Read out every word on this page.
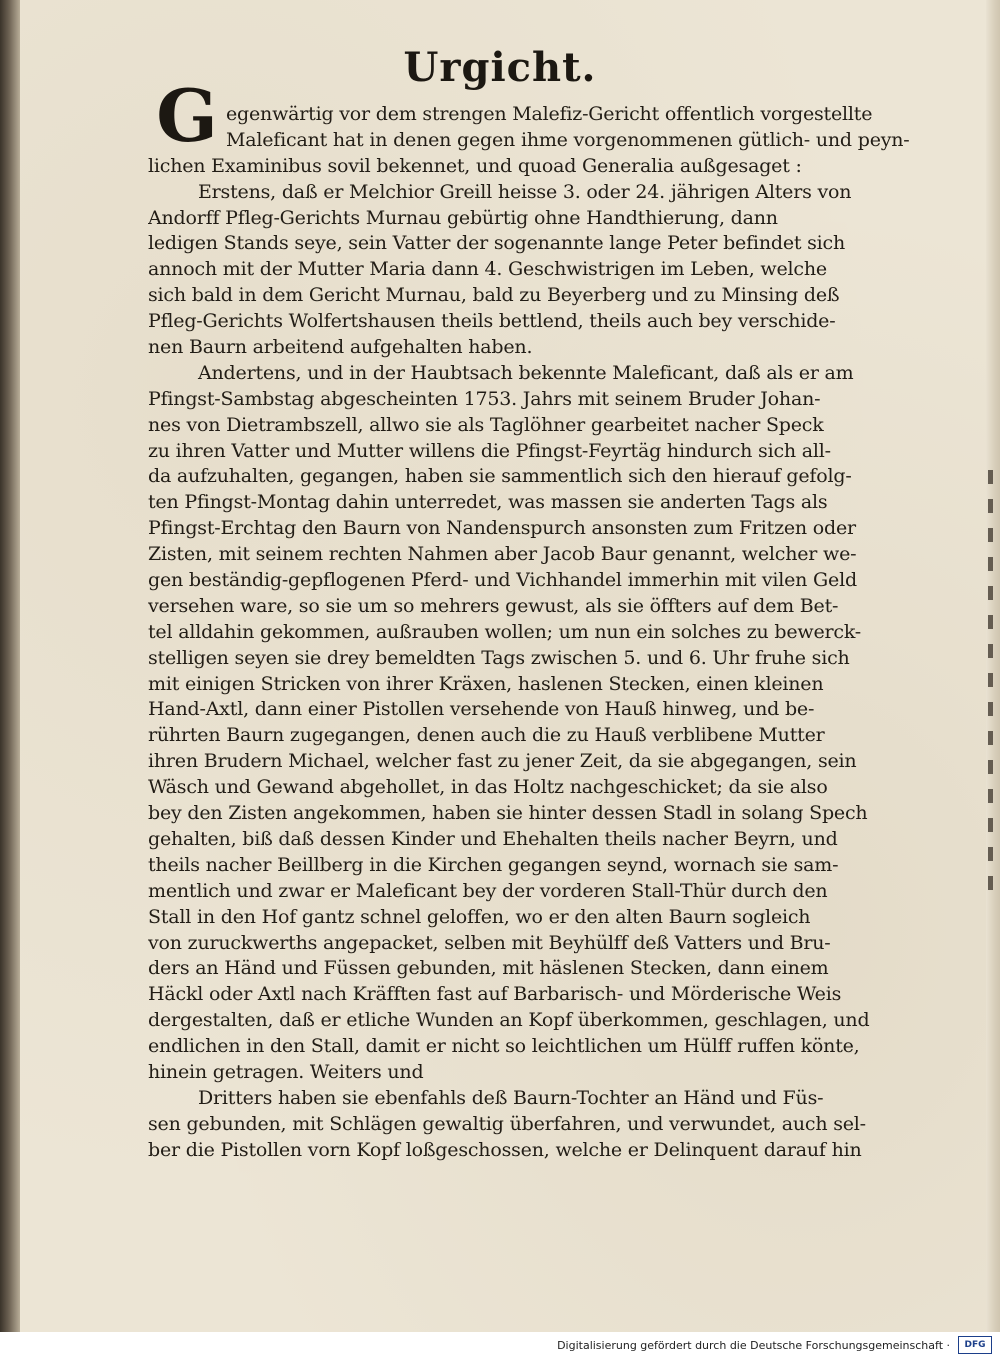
Urgicht.
G egenwärtig vor dem strengen Malefiz-Gericht offentlich vorgestellte
Maleficant hat in denen gegen ihme vorgenommenen gütlich- und peyn-
lichen Examinibus sovil bekennet, und quoad Generalia außgesaget :
Erstens, daß er Melchior Greill heisse 3. oder 24. jährigen Alters von
Andorff Pfleg-Gerichts Murnau gebürtig ohne Handthierung, dann
ledigen Stands seye, sein Vatter der sogenannte lange Peter befindet sich
annoch mit der Mutter Maria dann 4. Geschwistrigen im Leben, welche
sich bald in dem Gericht Murnau, bald zu Beyerberg und zu Minsing deß
Pfleg-Gerichts Wolfertshausen theils bettlend, theils auch bey verschide-
nen Baurn arbeitend aufgehalten haben.
Andertens, und in der Haubtsach bekennte Maleficant, daß als er am
Pfingst-Sambstag abgescheinten 1753. Jahrs mit seinem Bruder Johan-
nes von Dietrambszell, allwo sie als Taglöhner gearbeitet nacher Speck
zu ihren Vatter und Mutter willens die Pfingst-Feyrtäg hindurch sich all-
da aufzuhalten, gegangen, haben sie sammentlich sich den hierauf gefolg-
ten Pfingst-Montag dahin unterredet, was massen sie anderten Tags als
Pfingst-Erchtag den Baurn von Nandenspurch ansonsten zum Fritzen oder
Zisten, mit seinem rechten Nahmen aber Jacob Baur genannt, welcher we-
gen beständig-gepflogenen Pferd- und Vichhandel immerhin mit vilen Geld
versehen ware, so sie um so mehrers gewust, als sie öffters auf dem Bet-
tel alldahin gekommen, außrauben wollen; um nun ein solches zu bewerck-
stelligen seyen sie drey bemeldten Tags zwischen 5. und 6. Uhr fruhe sich
mit einigen Stricken von ihrer Kräxen, haslenen Stecken, einen kleinen
Hand-Axtl, dann einer Pistollen versehende von Hauß hinweg, und be-
rührten Baurn zugegangen, denen auch die zu Hauß verblibene Mutter
ihren Brudern Michael, welcher fast zu jener Zeit, da sie abgegangen, sein
Wäsch und Gewand abgehollet, in das Holtz nachgeschicket; da sie also
bey den Zisten angekommen, haben sie hinter dessen Stadl in solang Spech
gehalten, biß daß dessen Kinder und Ehehalten theils nacher Beyrn, und
theils nacher Beillberg in die Kirchen gegangen seynd, wornach sie sam-
mentlich und zwar er Maleficant bey der vorderen Stall-Thür durch den
Stall in den Hof gantz schnel geloffen, wo er den alten Baurn sogleich
von zuruckwerths angepacket, selben mit Beyhülff deß Vatters und Bru-
ders an Händ und Füssen gebunden, mit häslenen Stecken, dann einem
Häckl oder Axtl nach Kräfften fast auf Barbarisch- und Mörderische Weis
dergestalten, daß er etliche Wunden an Kopf überkommen, geschlagen, und
endlichen in den Stall, damit er nicht so leichtlichen um Hülff ruffen könte,
hinein getragen. Weiters und
Dritters haben sie ebenfahls deß Baurn-Tochter an Händ und Füs-
sen gebunden, mit Schlägen gewaltig überfahren, und verwundet, auch sel-
ber die Pistollen vorn Kopf loßgeschossen, welche er Delinquent darauf hin
Digitalisierung gefördert durch die Deutsche Forschungsgemeinschaft ·	DFG
